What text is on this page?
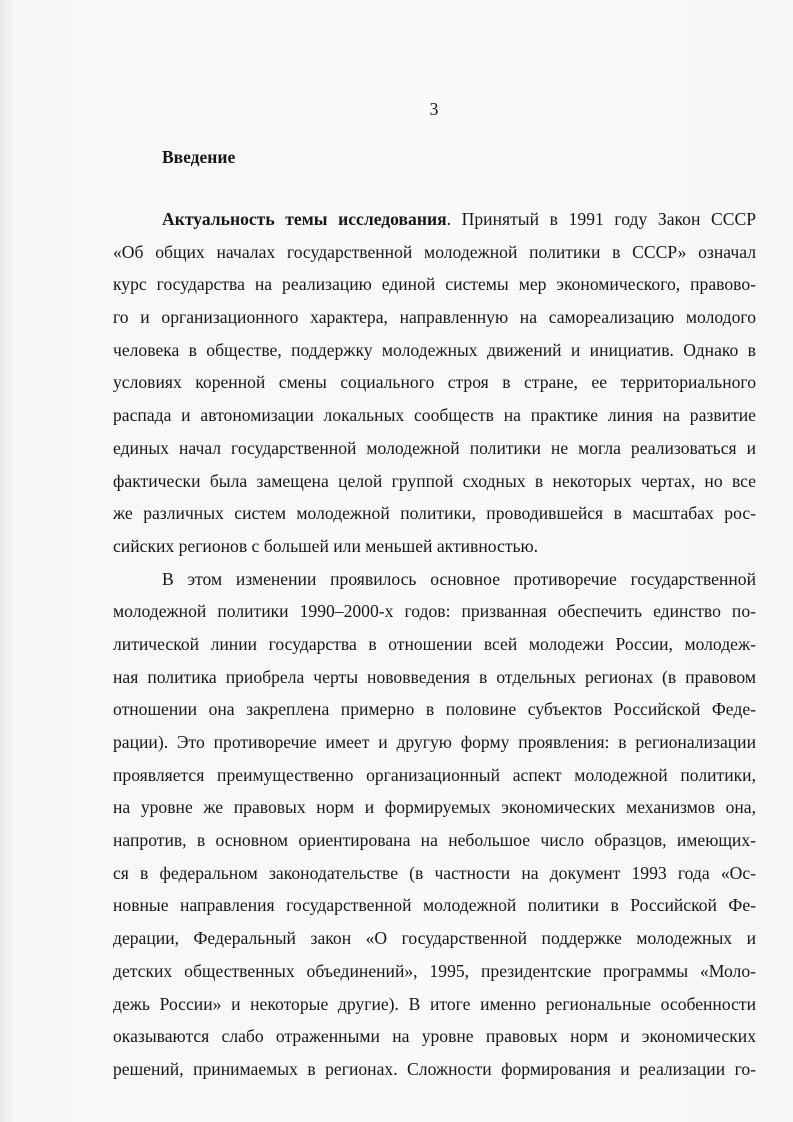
3
Введение
Актуальность темы исследования. Принятый в 1991 году Закон СССР
«Об общих началах государственной молодежной политики в СССР» означал
курс государства на реализацию единой системы мер экономического, правово-
го и организационного характера, направленную на самореализацию молодого
человека в обществе, поддержку молодежных движений и инициатив. Однако в
условиях коренной смены социального строя в стране, ее территориального
распада и автономизации локальных сообществ на практике линия на развитие
единых начал государственной молодежной политики не могла реализоваться и
фактически была замещена целой группой сходных в некоторых чертах, но все
же различных систем молодежной политики, проводившейся в масштабах рос-
сийских регионов с большей или меньшей активностью.
В этом изменении проявилось основное противоречие государственной
молодежной политики 1990–2000-х годов: призванная обеспечить единство по-
литической линии государства в отношении всей молодежи России, молодеж-
ная политика приобрела черты нововведения в отдельных регионах (в правовом
отношении она закреплена примерно в половине субъектов Российской Феде-
рации). Это противоречие имеет и другую форму проявления: в регионализации
проявляется преимущественно организационный аспект молодежной политики,
на уровне же правовых норм и формируемых экономических механизмов она,
напротив, в основном ориентирована на небольшое число образцов, имеющих-
ся в федеральном законодательстве (в частности на документ 1993 года «Ос-
новные направления государственной молодежной политики в Российской Фе-
дерации, Федеральный закон «О государственной поддержке молодежных и
детских общественных объединений», 1995, президентские программы «Моло-
дежь России» и некоторые другие). В итоге именно региональные особенности
оказываются слабо отраженными на уровне правовых норм и экономических
решений, принимаемых в регионах. Сложности формирования и реализации го-
